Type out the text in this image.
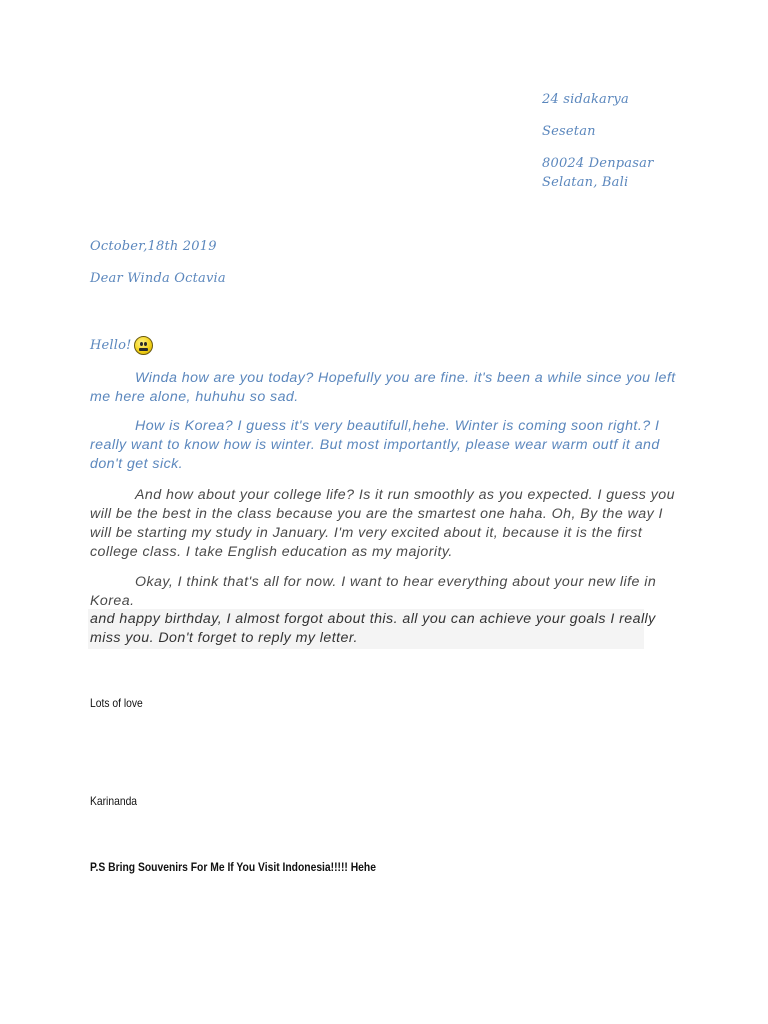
24 sidakarya
Sesetan
80024 Denpasar
Selatan, Bali
October,18th 2019
Dear Winda Octavia
Hello!

Winda how are you today? Hopefully you are fine. it's been a while since you left me here alone, huhuhu so sad.

How is Korea? I guess it's very beautifull,hehe. Winter is coming soon right.? I really want to know how is winter. But most importantly, please wear warm outf it and don't get sick.

And how about your college life? Is it run smoothly as you expected. I guess you will be the best in the class because you are the smartest one haha. Oh, By the way I will be starting my study in January. I'm very excited about it, because it is the first college class. I take English education as my majority.

Okay, I think that's all for now. I want to hear everything about your new life in Korea.

and happy birthday, I almost forgot about this. all you can achieve your goals I really miss you. Don't forget to reply my letter.

Lots of love
Karinanda
P.S Bring Souvenirs For Me If You Visit Indonesia!!!!! Hehe
